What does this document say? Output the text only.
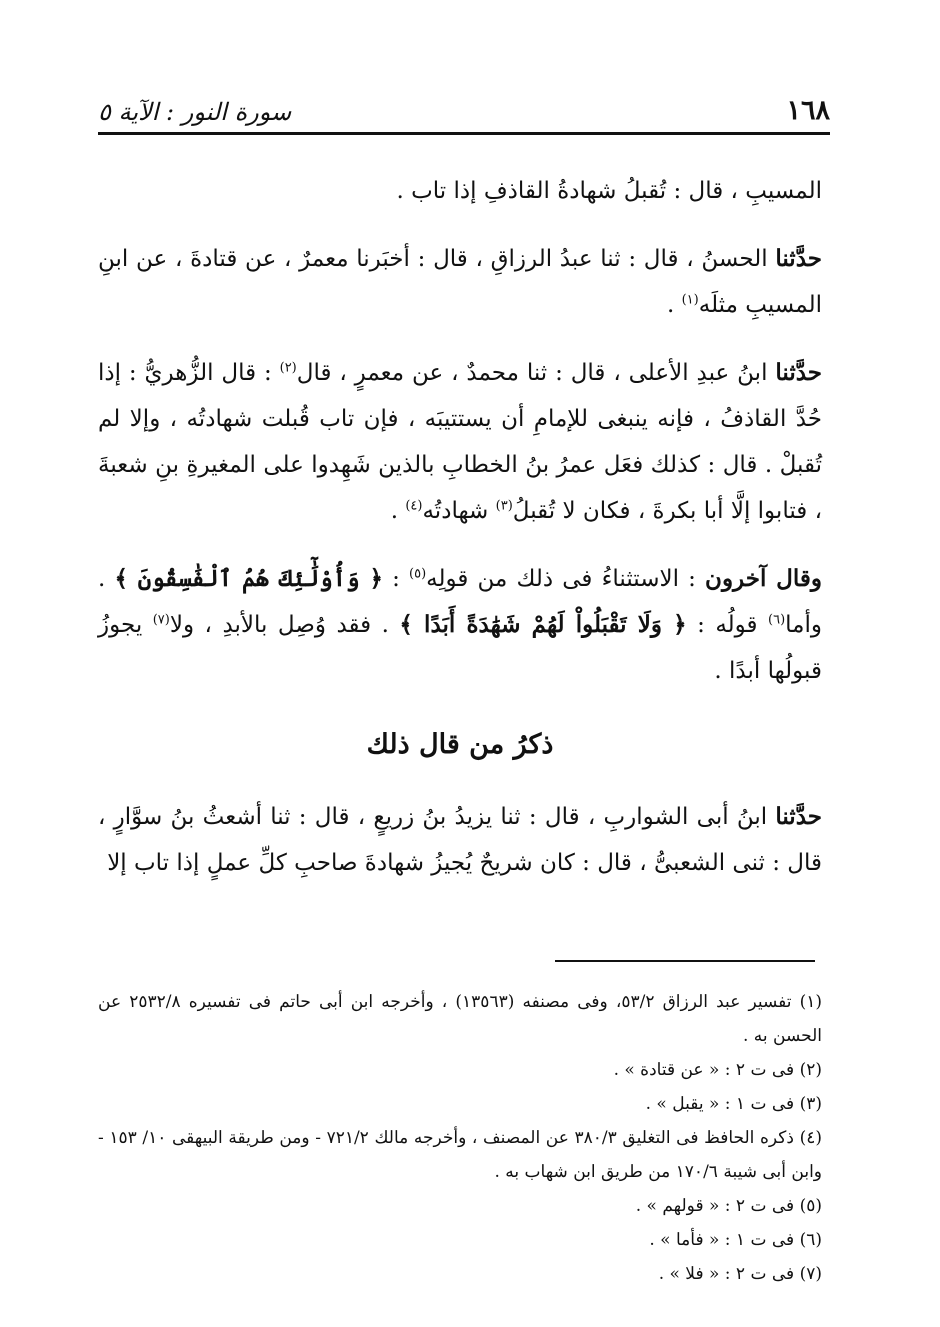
١٦٨
سورة النور : الآية ٥

المسيبِ ، قال : تُقبلُ شهادةُ القاذفِ إذا تاب .

حدَّثنا الحسنُ ، قال : ثنا عبدُ الرزاقِ ، قال : أخبَرنا معمرٌ ، عن قتادةَ ، عن ابنِ المسيبِ مثلَه$^{(١)}$ .

حدَّثنا ابنُ عبدِ الأعلى ، قال : ثنا محمدٌ ، عن معمرٍ ، قال$^{(٢)}$ : قال الزُّهريُّ : إذا حُدَّ القاذفُ ، فإنه ينبغى للإمامِ أن يستتيبَه ، فإن تاب قُبلت شهادتُه ، وإلا لم تُقبلْ . قال : كذلك فعَل عمرُ بنُ الخطابِ بالذين شَهِدوا على المغيرةِ بنِ شعبةَ ، فتابوا إلَّا أبا بكرةَ ، فكان لا تُقبلُ$^{(٣)}$ شهادتُه$^{(٤)}$ .

وقال آخرون : الاستثناءُ فى ذلك من قولِه$^{(٥)}$ : ﴿ وَأُوْلَٰٓئِكَ هُمُ ٱلْفَٰسِقُونَ ﴾ . وأما$^{(٦)}$ قولُه : ﴿ وَلَا تَقْبَلُواْ لَهُمْ شَهَٰدَةً أَبَدًا ﴾ . فقد وُصِل بالأبدِ ، ولا$^{(٧)}$ يجوزُ قبولُها أبدًا .

ذكرُ من قال ذلك

حدَّثنا ابنُ أبى الشواربِ ، قال : ثنا يزيدُ بنُ زريعٍ ، قال : ثنا أشعثُ بنُ سوَّارٍ ، قال : ثنى الشعبىُّ ، قال : كان شريحٌ يُجيزُ شهادةَ صاحبِ كلِّ عملٍ إذا تاب إلا

(١) تفسير عبد الرزاق ٥٣/٢، وفى مصنفه (١٣٥٦٣) ، وأخرجه ابن أبى حاتم فى تفسيره ٢٥٣٢/٨ عن الحسن به .

(٢) فى ت ٢ : « عن قتادة » .

(٣) فى ت ١ : « يقبل » .

(٤) ذكره الحافظ فى التغليق ٣٨٠/٣ عن المصنف ، وأخرجه مالك ٧٢١/٢ - ومن طريقة البيهقى ١٠/ ١٥٣ - وابن أبى شيبة ١٧٠/٦ من طريق ابن شهاب به .

(٥) فى ت ٢ : « قولهم » .

(٦) فى ت ١ : « فأما » .

(٧) فى ت ٢ : « فلا » .
